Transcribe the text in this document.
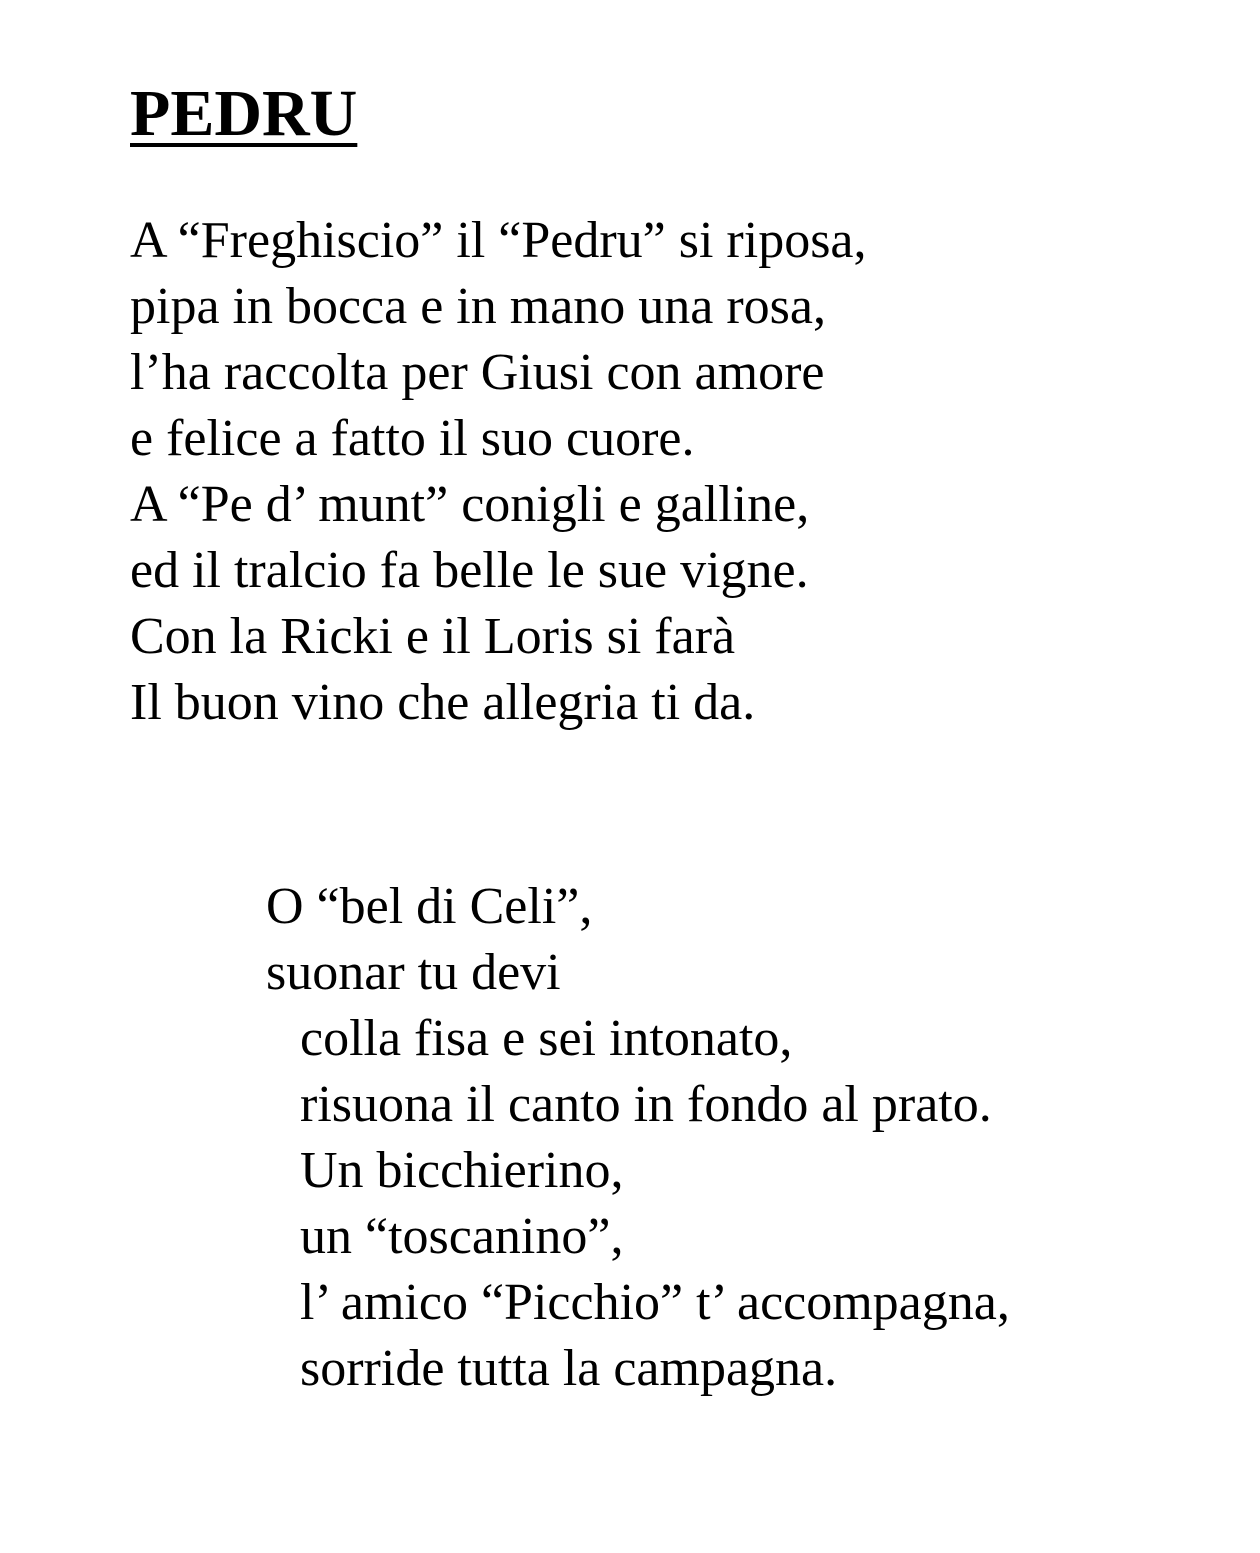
PEDRU
A “Freghiscio” il “Pedru” si riposa,
pipa in bocca e in mano una rosa,
l’ha raccolta per Giusi con amore
e felice a fatto il suo cuore.
A “Pe d’ munt” conigli e galline,
ed il tralcio fa belle le sue vigne.
Con la Ricki e il Loris si farà
Il buon vino che allegria ti da.
O “bel di Celi”,
suonar tu devi
colla fisa e sei intonato,
risuona il canto in fondo al prato.
Un bicchierino,
un “toscanino”,
l’ amico “Picchio” t’ accompagna,
sorride tutta la campagna.
